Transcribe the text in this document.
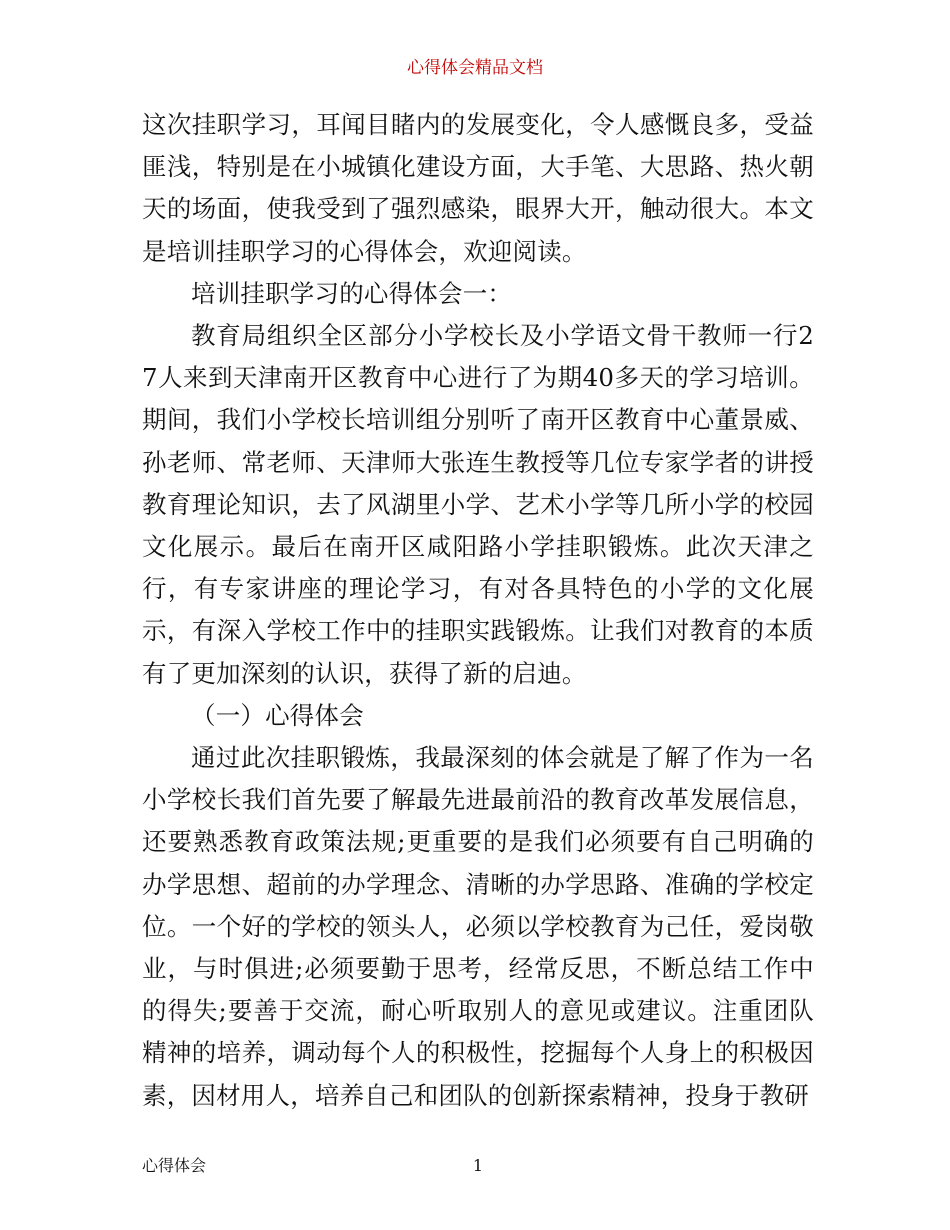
心得体会精品文档

这次挂职学习，耳闻目睹内的发展变化，令人感慨良多，受益匪浅，特别是在小城镇化建设方面，大手笔、大思路、热火朝天的场面，使我受到了强烈感染，眼界大开，触动很大。本文是培训挂职学习的心得体会，欢迎阅读。

培训挂职学习的心得体会一：

教育局组织全区部分小学校长及小学语文骨干教师一行27人来到天津南开区教育中心进行了为期40多天的学习培训。期间，我们小学校长培训组分别听了南开区教育中心董景威、孙老师、常老师、天津师大张连生教授等几位专家学者的讲授教育理论知识，去了风湖里小学、艺术小学等几所小学的校园文化展示。最后在南开区咸阳路小学挂职锻炼。此次天津之行，有专家讲座的理论学习，有对各具特色的小学的文化展示，有深入学校工作中的挂职实践锻炼。让我们对教育的本质有了更加深刻的认识，获得了新的启迪。

（一）心得体会

通过此次挂职锻炼，我最深刻的体会就是了解了作为一名小学校长我们首先要了解最先进最前沿的教育改革发展信息，还要熟悉教育政策法规;更重要的是我们必须要有自己明确的办学思想、超前的办学理念、清晰的办学思路、准确的学校定位。一个好的学校的领头人，必须以学校教育为己任，爱岗敬业，与时俱进;必须要勤于思考，经常反思，不断总结工作中的得失;要善于交流，耐心听取别人的意见或建议。注重团队精神的培养，调动每个人的积极性，挖掘每个人身上的积极因素，因材用人，培养自己和团队的创新探索精神，投身于教研

心得体会	1
